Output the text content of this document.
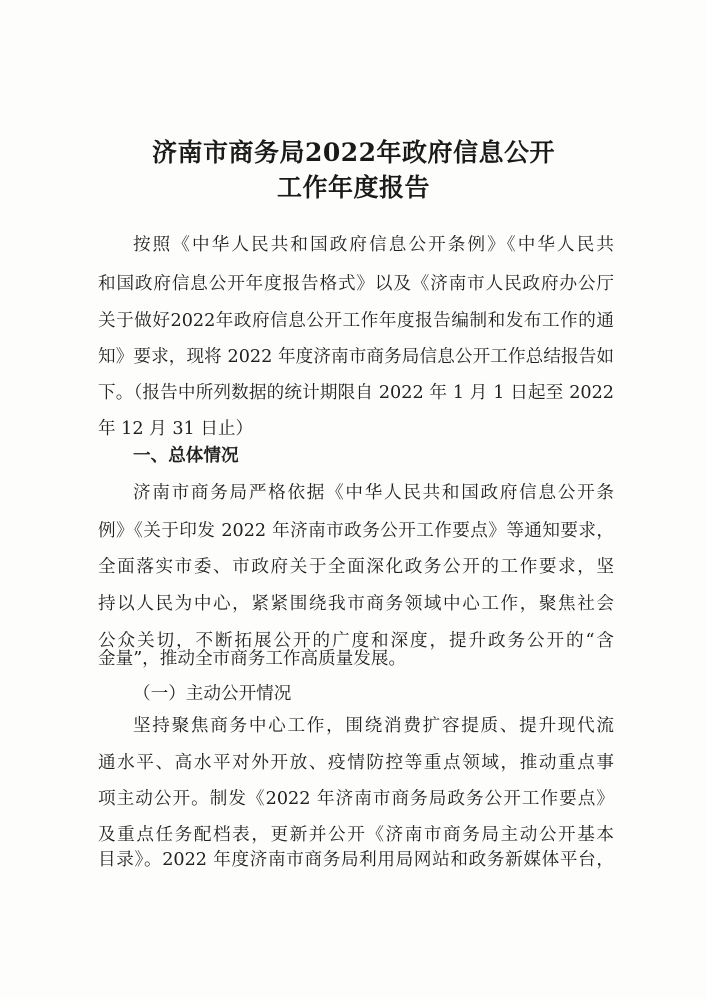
济南市商务局2022年政府信息公开
工作年度报告
按照《中华人民共和国政府信息公开条例》《中华人民共
和国政府信息公开年度报告格式》以及《济南市人民政府办公厅
关于做好2022年政府信息公开工作年度报告编制和发布工作的通
知》要求，现将 2022 年度济南市商务局信息公开工作总结报告如
下。（报告中所列数据的统计期限自 2022 年 1 月 1 日起至 2022
年 12 月 31 日止）
一、总体情况
济南市商务局严格依据《中华人民共和国政府信息公开条
例》《关于印发 2022 年济南市政务公开工作要点》等通知要求，
全面落实市委、市政府关于全面深化政务公开的工作要求，坚
持以人民为中心，紧紧围绕我市商务领域中心工作，聚焦社会
公众关切，不断拓展公开的广度和深度，提升政务公开的“含
金量”，推动全市商务工作高质量发展。
（一）主动公开情况
坚持聚焦商务中心工作，围绕消费扩容提质、提升现代流
通水平、高水平对外开放、疫情防控等重点领域，推动重点事
项主动公开。制发《2022 年济南市商务局政务公开工作要点》
及重点任务配档表，更新并公开《济南市商务局主动公开基本
目录》。2022 年度济南市商务局利用局网站和政务新媒体平台，
